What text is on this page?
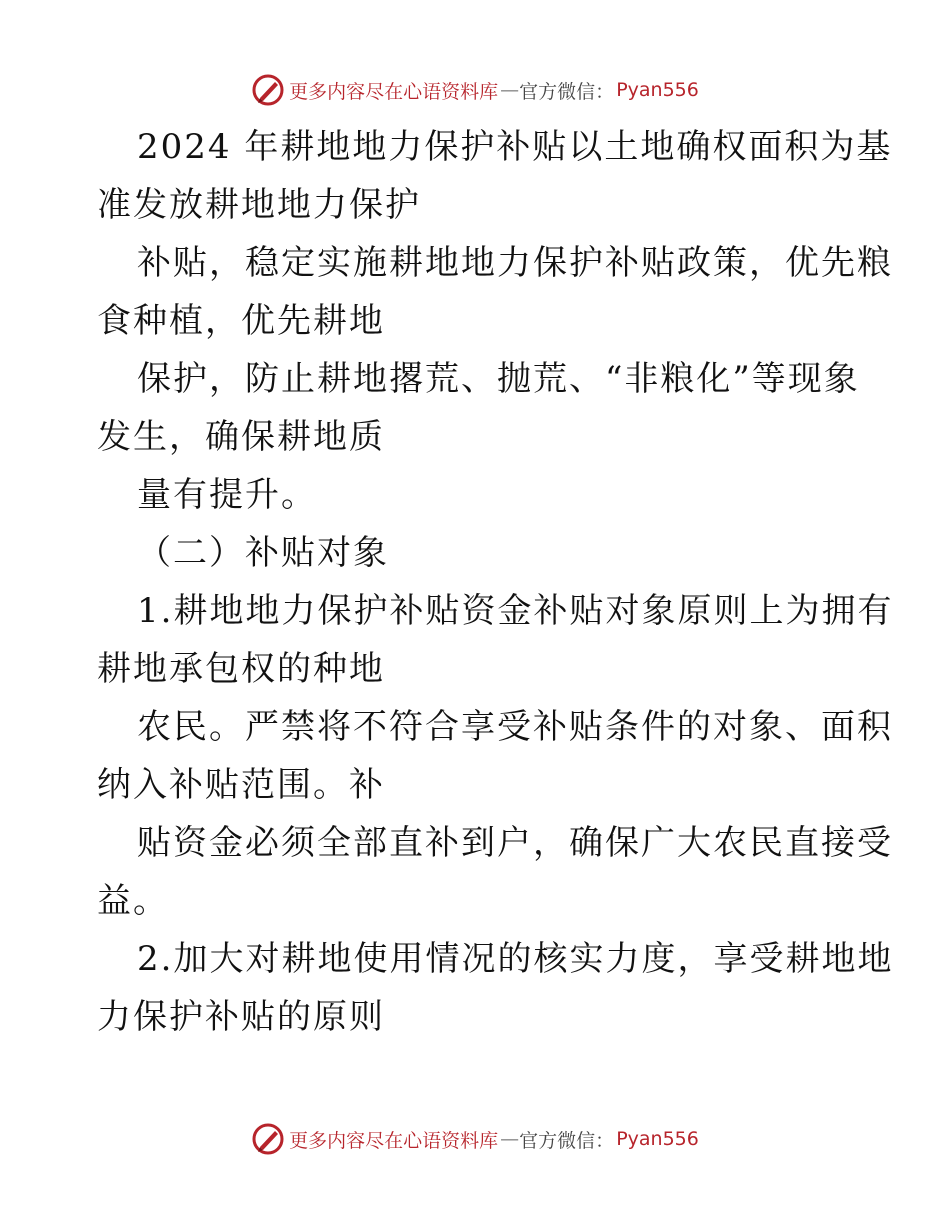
更多内容尽在心语资料库 — 官方微信： Pyan556

2024 年耕地地力保护补贴以土地确权面积为基

准发放耕地地力保护

补贴，稳定实施耕地地力保护补贴政策，优先粮

食种植，优先耕地

保护，防止耕地撂荒、抛荒、“非粮化”等现象

发生，确保耕地质

量有提升。

（二）补贴对象

1.耕地地力保护补贴资金补贴对象原则上为拥有

耕地承包权的种地

农民。严禁将不符合享受补贴条件的对象、面积

纳入补贴范围。补

贴资金必须全部直补到户，确保广大农民直接受

益。

2.加大对耕地使用情况的核实力度，享受耕地地

力保护补贴的原则

更多内容尽在心语资料库 — 官方微信： Pyan556
